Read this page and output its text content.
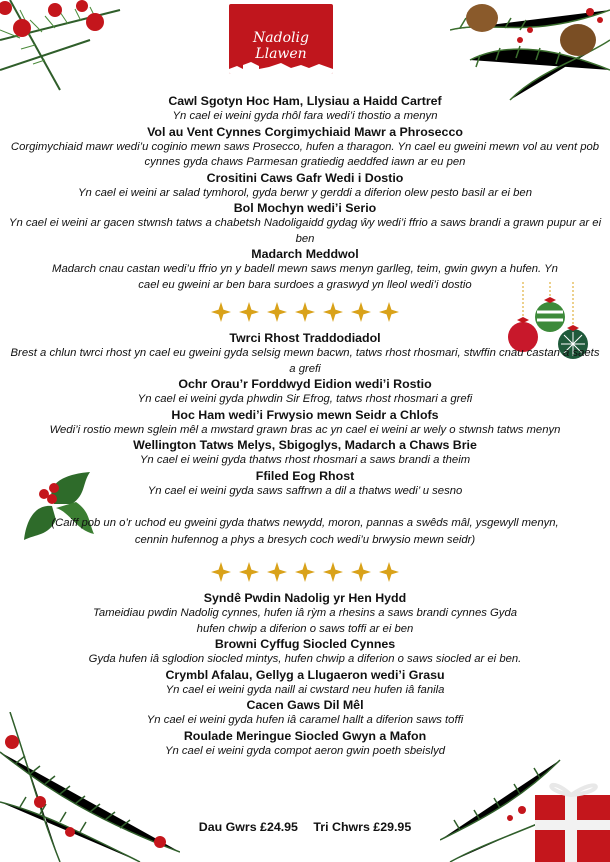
Nadolig Llawen

Cawl Sgotyn Hoc Ham, Llysiau a Haidd Cartref

Yn cael ei weini gyda rhôl fara wedi’i thostio a menyn

Vol au Vent Cynnes Corgimychiaid Mawr a Phrosecco

Corgimychiaid mawr wedi’u coginio mewn saws Prosecco, hufen a tharagon. Yn cael eu gweini mewn vol au vent pob cynnes gyda chaws Parmesan gratiedig aeddfed iawn ar eu pen

Crositini Caws Gafr Wedi i Dostio

Yn cael ei weini ar salad tymhorol, gyda berwr y gerddi a diferion olew pesto basil ar ei ben

Bol Mochyn wedi’i Serio

Yn cael ei weini ar gacen stwnsh tatws a chabetsh Nadoligaidd gydag ŵy wedi’i ffrio a saws brandi a grawn pupur ar ei ben

Madarch Meddwol

Madarch cnau castan wedi’u ffrio yn y badell mewn saws menyn garlleg, teim, gwin gwyn a hufen. Yn cael eu gweini ar ben bara surdoes a graswyd yn lleol wedi’i dostio

Twrci Rhost Traddodiadol

Brest a chlun twrci rhost yn cael eu gweini gyda selsig mewn bacwn, tatws rhost rhosmari, stwffin cnau castan a saets a grefi

Ochr Orau’r Forddwyd Eidion wedi’i Rostio

Yn cael ei weini gyda phwdin Sir Efrog, tatws rhost rhosmari a grefi

Hoc Ham wedi’i Frwysio mewn Seidr a Chlofs

Wedi’i rostio mewn sglein mêl a mwstard grawn bras ac yn cael ei weini ar wely o stwnsh tatws menyn

Wellington Tatws Melys, Sbigoglys, Madarch a Chaws Brie

Yn cael ei weini gyda thatws rhost rhosmari a saws brandi a theim

Ffiled Eog Rhost

Yn cael ei weini gyda saws saffrwn a dil a thatws wedi’ u sesno

(Caiff pob un o’r uchod eu gweini gyda thatws newydd, moron, pannas a swêds mâl, ysgewyll menyn, cennin hufennog a phys a bresych coch wedi’u brwysio mewn seidr)

Syndê Pwdin Nadolig yr Hen Hydd

Tameidiau pwdin Nadolig cynnes, hufen iâ rỳm a rhesins a saws brandi cynnes Gyda hufen chwip a diferion o saws toffi ar ei ben

Browni Cyffug Siocled Cynnes

Gyda hufen iâ sglodion siocled mintys, hufen chwip a diferion o saws siocled ar ei ben.

Crymbl Afalau, Gellyg a Llugaeron wedi’i Grasu

Yn cael ei weini gyda naill ai cwstard neu hufen iâ fanila

Cacen Gaws Dil Mêl

Yn cael ei weini gyda hufen iâ caramel hallt a diferion saws toffi

Roulade Meringue Siocled Gwyn a Mafon

Yn cael ei weini gyda compot aeron gwin poeth sbeislyd

Dau Gwrs £24.95 Tri Chwrs £29.95
